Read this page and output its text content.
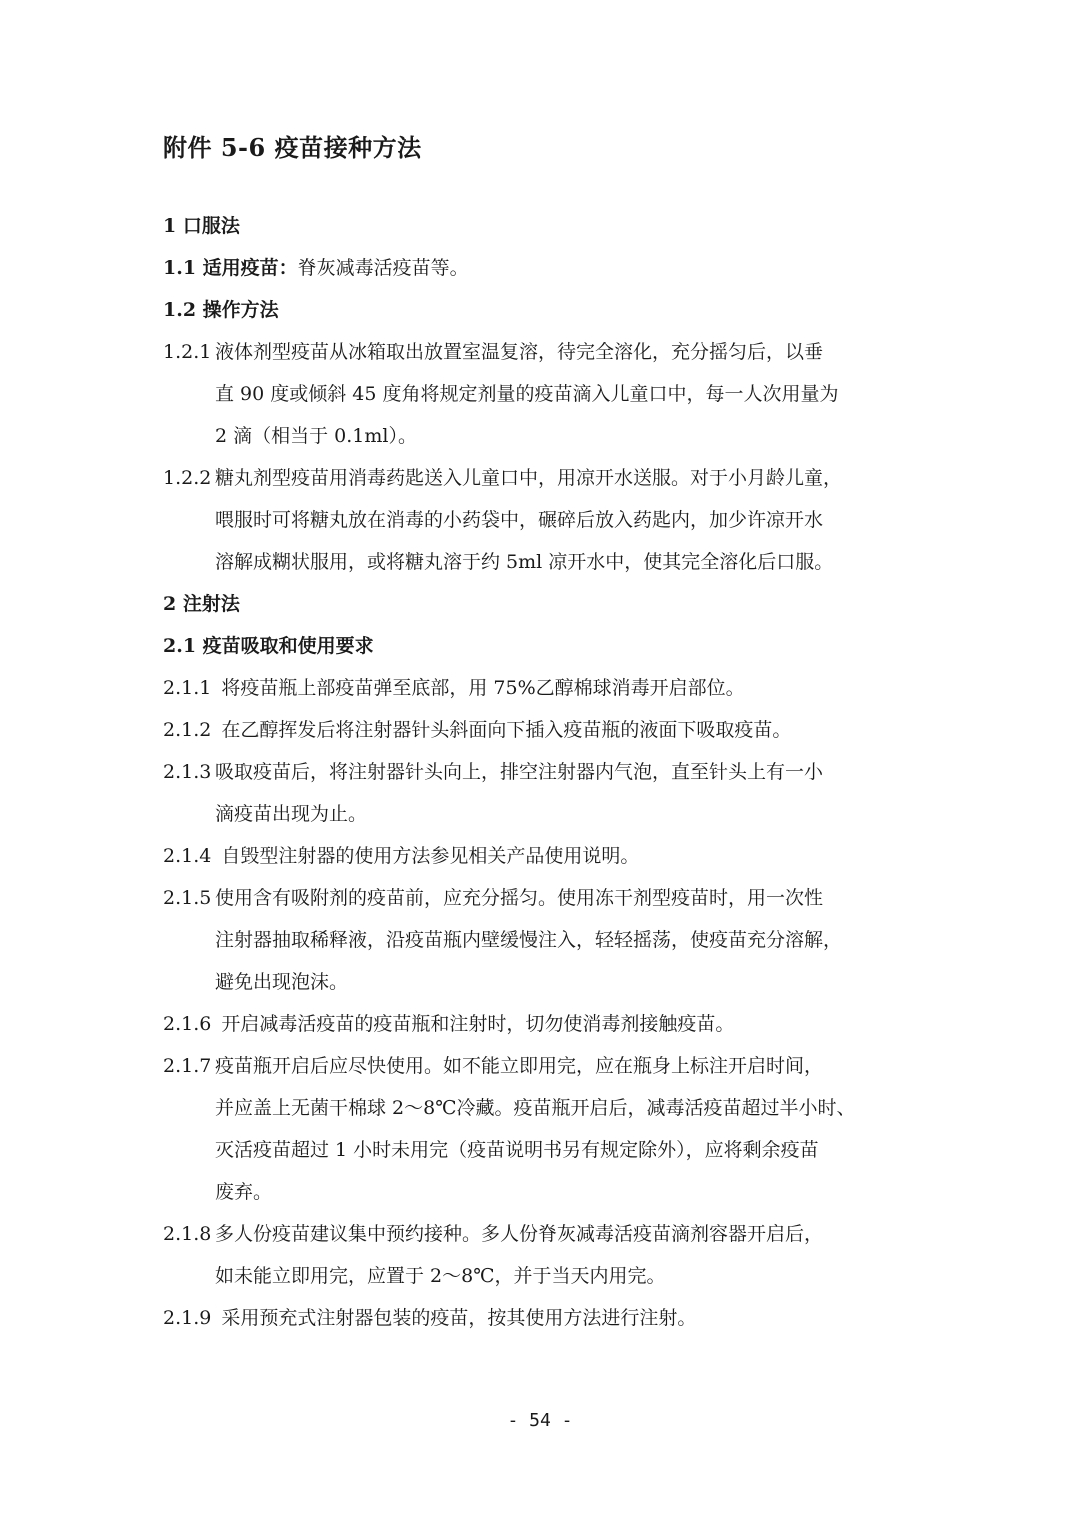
附件 5-6 疫苗接种方法
1 口服法
1.1 适用疫苗：脊灰减毒活疫苗等。
1.2 操作方法
1.2.1 液体剂型疫苗从冰箱取出放置室温复溶，待完全溶化，充分摇匀后，以垂
直 90 度或倾斜 45 度角将规定剂量的疫苗滴入儿童口中，每一人次用量为
2 滴（相当于 0.1ml）。
1.2.2 糖丸剂型疫苗用消毒药匙送入儿童口中，用凉开水送服。对于小月龄儿童，
喂服时可将糖丸放在消毒的小药袋中，碾碎后放入药匙内，加少许凉开水
溶解成糊状服用，或将糖丸溶于约 5ml 凉开水中，使其完全溶化后口服。
2 注射法
2.1 疫苗吸取和使用要求
2.1.1 将疫苗瓶上部疫苗弹至底部，用 75%乙醇棉球消毒开启部位。
2.1.2 在乙醇挥发后将注射器针头斜面向下插入疫苗瓶的液面下吸取疫苗。
2.1.3 吸取疫苗后，将注射器针头向上，排空注射器内气泡，直至针头上有一小
滴疫苗出现为止。
2.1.4 自毁型注射器的使用方法参见相关产品使用说明。
2.1.5 使用含有吸附剂的疫苗前，应充分摇匀。使用冻干剂型疫苗时，用一次性
注射器抽取稀释液，沿疫苗瓶内壁缓慢注入，轻轻摇荡，使疫苗充分溶解，
避免出现泡沫。
2.1.6 开启减毒活疫苗的疫苗瓶和注射时，切勿使消毒剂接触疫苗。
2.1.7 疫苗瓶开启后应尽快使用。如不能立即用完，应在瓶身上标注开启时间，
并应盖上无菌干棉球 2～8℃冷藏。疫苗瓶开启后，减毒活疫苗超过半小时、
灭活疫苗超过 1 小时未用完（疫苗说明书另有规定除外），应将剩余疫苗
废弃。
2.1.8 多人份疫苗建议集中预约接种。多人份脊灰减毒活疫苗滴剂容器开启后，
如未能立即用完，应置于 2～8℃，并于当天内用完。
2.1.9 采用预充式注射器包装的疫苗，按其使用方法进行注射。
- 54 -
